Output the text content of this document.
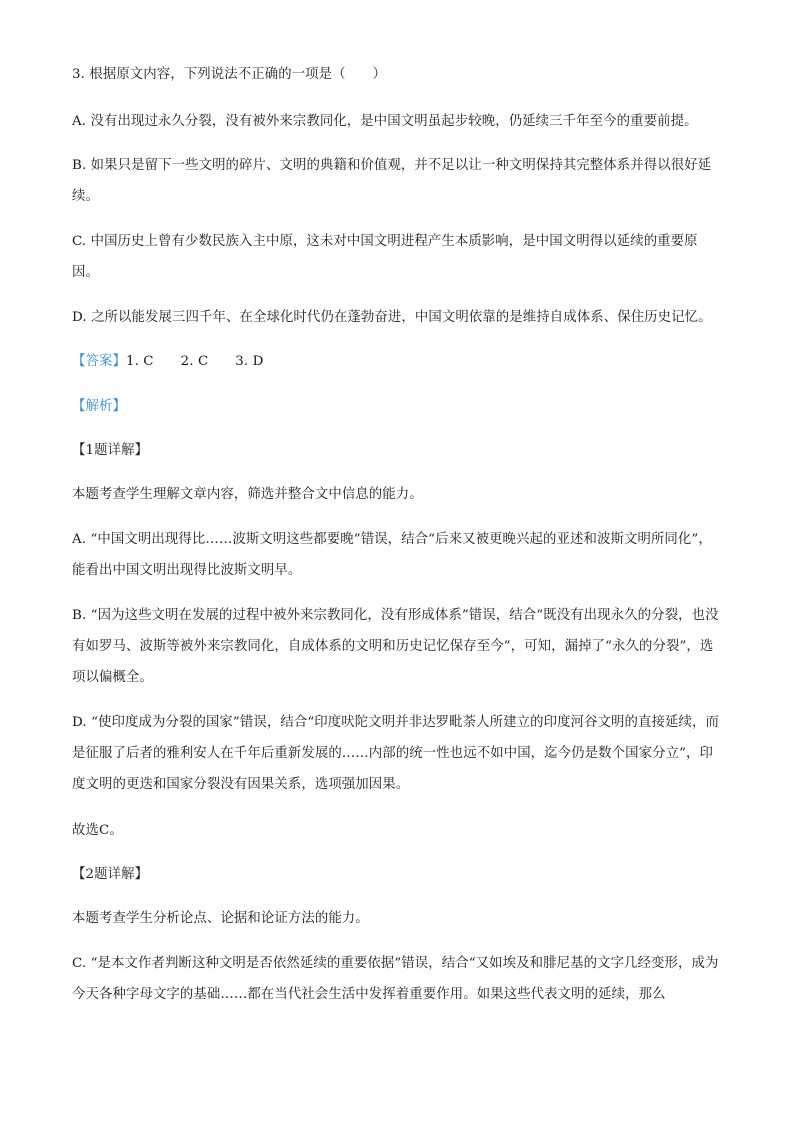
3. 根据原文内容，下列说法不正确的一项是（　　）

A. 没有出现过永久分裂，没有被外来宗教同化，是中国文明虽起步较晚，仍延续三千年至今的重要前提。

B. 如果只是留下一些文明的碎片、文明的典籍和价值观，并不足以让一种文明保持其完整体系并得以很好延续。

C. 中国历史上曾有少数民族入主中原，这未对中国文明进程产生本质影响，是中国文明得以延续的重要原因。

D. 之所以能发展三四千年、在全球化时代仍在蓬勃奋进，中国文明依靠的是维持自成体系、保住历史记忆。

【答案】1. C　　2. C　　3. D

【解析】

【1题详解】

本题考查学生理解文章内容，筛选并整合文中信息的能力。

A. “中国文明出现得比……波斯文明这些都要晚”错误，结合“后来又被更晚兴起的亚述和波斯文明所同化”，能看出中国文明出现得比波斯文明早。

B. “因为这些文明在发展的过程中被外来宗教同化，没有形成体系”错误，结合“既没有出现永久的分裂，也没有如罗马、波斯等被外来宗教同化，自成体系的文明和历史记忆保存至今”，可知，漏掉了“永久的分裂”，选项以偏概全。

D. “使印度成为分裂的国家”错误，结合“印度吠陀文明并非达罗毗荼人所建立的印度河谷文明的直接延续，而是征服了后者的雅利安人在千年后重新发展的……内部的统一性也远不如中国，迄今仍是数个国家分立”，印度文明的更迭和国家分裂没有因果关系，选项强加因果。

故选C。

【2题详解】

本题考查学生分析论点、论据和论证方法的能力。

C. “是本文作者判断这种文明是否依然延续的重要依据”错误，结合“又如埃及和腓尼基的文字几经变形，成为今天各种字母文字的基础……都在当代社会生活中发挥着重要作用。如果这些代表文明的延续，那么
